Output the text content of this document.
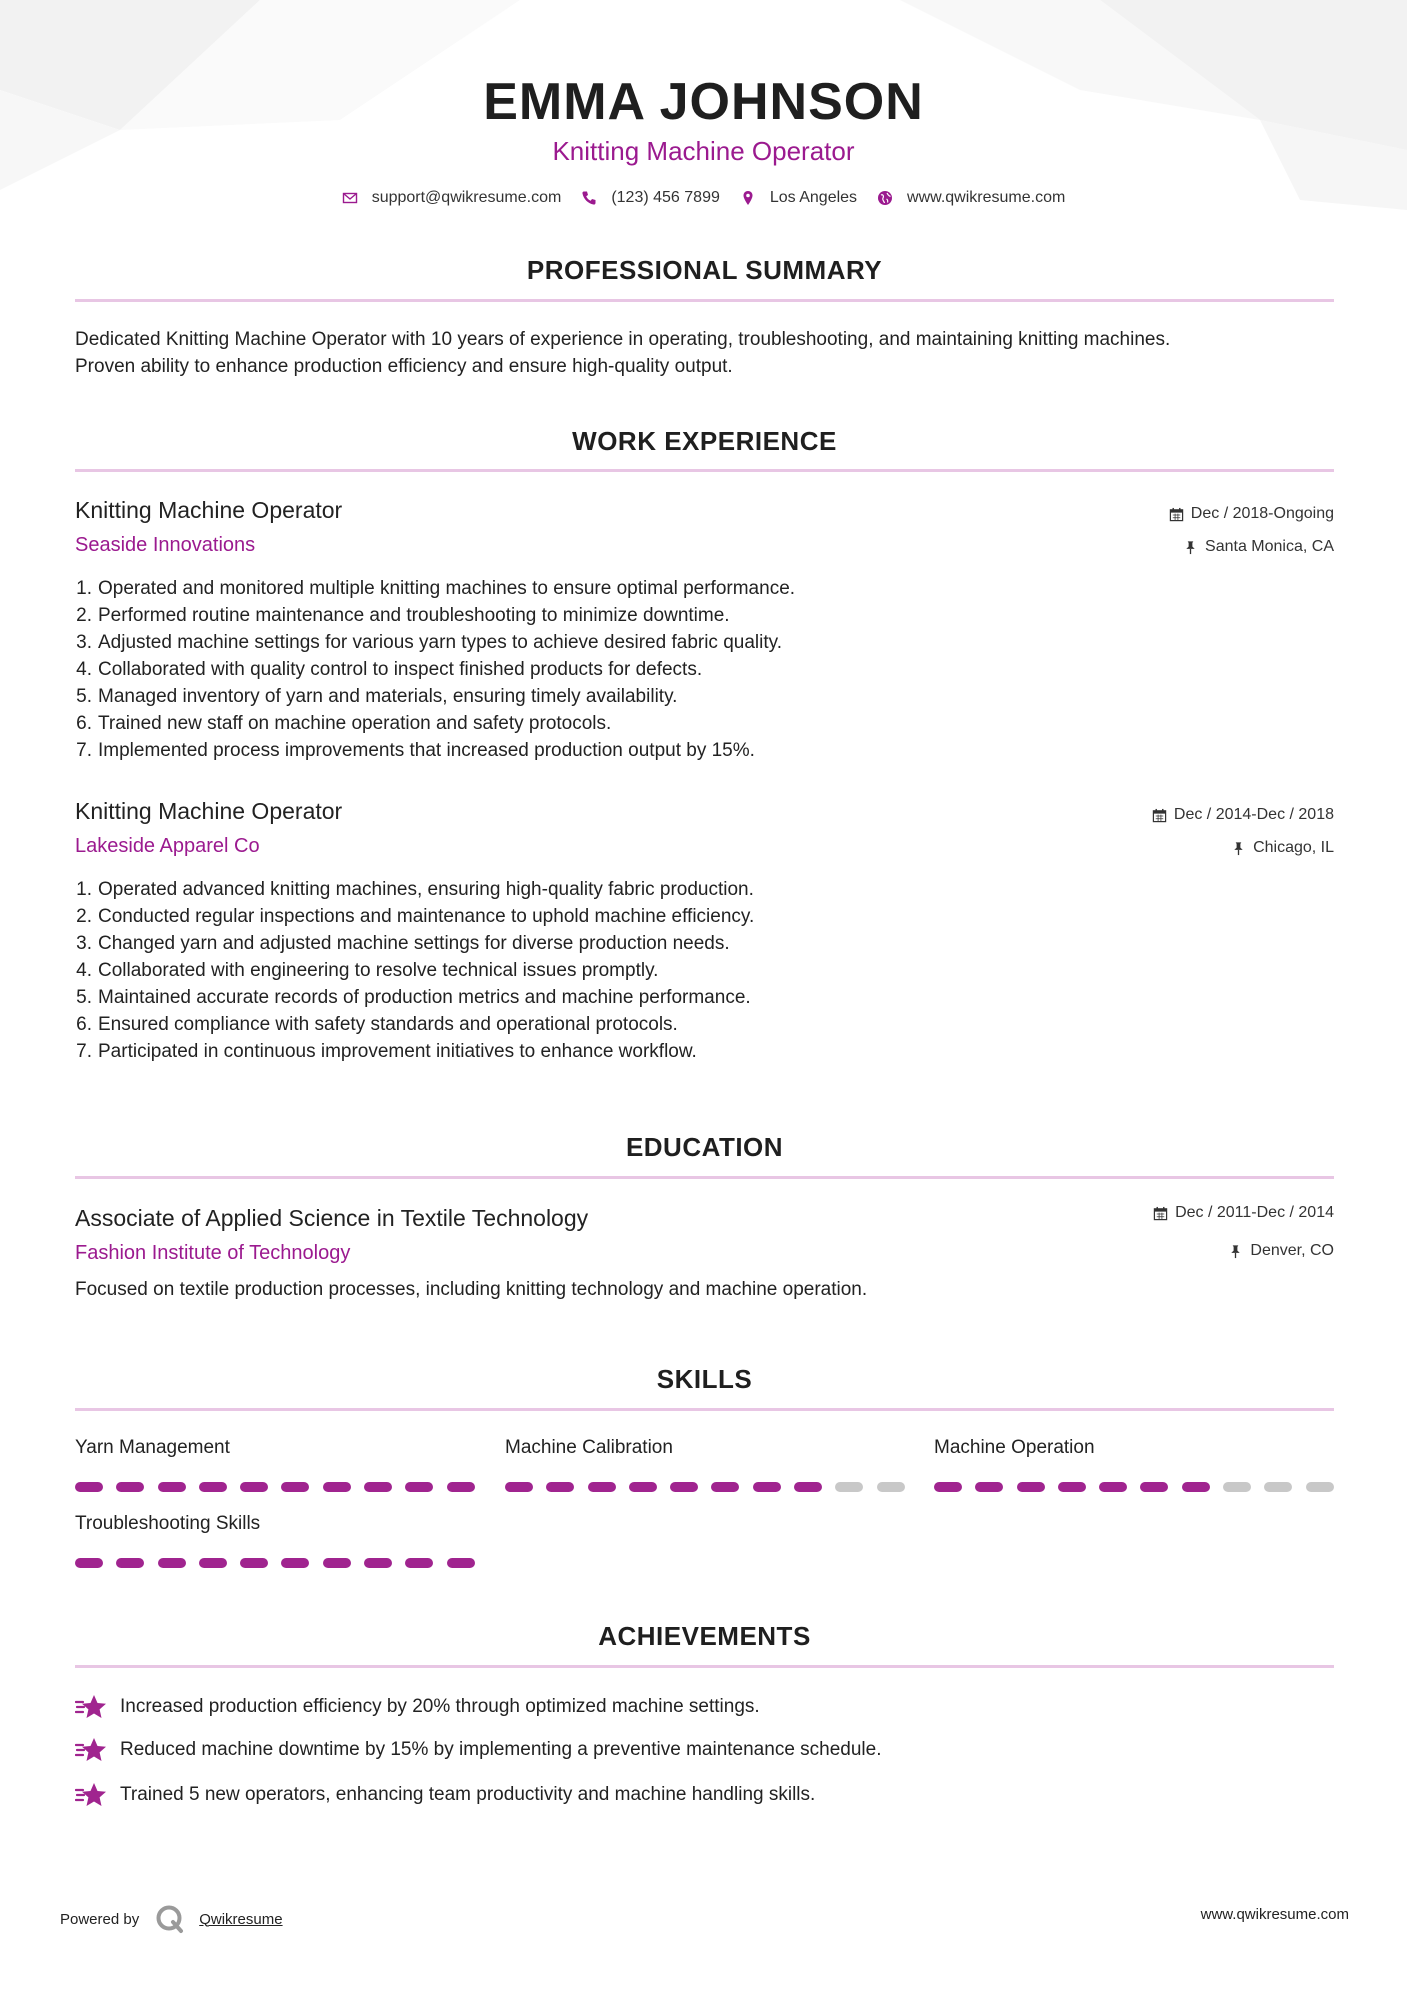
EMMA JOHNSON
Knitting Machine Operator
support@qwikresume.com	(123) 456 7899	Los Angeles	www.qwikresume.com
PROFESSIONAL SUMMARY
Dedicated Knitting Machine Operator with 10 years of experience in operating, troubleshooting, and maintaining knitting machines.
Proven ability to enhance production efficiency and ensure high-quality output.
WORK EXPERIENCE
Knitting Machine Operator
Seaside Innovations
Dec / 2018-Ongoing
Santa Monica, CA
1. Operated and monitored multiple knitting machines to ensure optimal performance.
2. Performed routine maintenance and troubleshooting to minimize downtime.
3. Adjusted machine settings for various yarn types to achieve desired fabric quality.
4. Collaborated with quality control to inspect finished products for defects.
5. Managed inventory of yarn and materials, ensuring timely availability.
6. Trained new staff on machine operation and safety protocols.
7. Implemented process improvements that increased production output by 15%.
Knitting Machine Operator
Lakeside Apparel Co
Dec / 2014-Dec / 2018
Chicago, IL
1. Operated advanced knitting machines, ensuring high-quality fabric production.
2. Conducted regular inspections and maintenance to uphold machine efficiency.
3. Changed yarn and adjusted machine settings for diverse production needs.
4. Collaborated with engineering to resolve technical issues promptly.
5. Maintained accurate records of production metrics and machine performance.
6. Ensured compliance with safety standards and operational protocols.
7. Participated in continuous improvement initiatives to enhance workflow.
EDUCATION
Associate of Applied Science in Textile Technology
Fashion Institute of Technology
Dec / 2011-Dec / 2014
Denver, CO
Focused on textile production processes, including knitting technology and machine operation.
SKILLS
Yarn Management	Machine Calibration	Machine Operation
Troubleshooting Skills
ACHIEVEMENTS
Increased production efficiency by 20% through optimized machine settings.
Reduced machine downtime by 15% by implementing a preventive maintenance schedule.
Trained 5 new operators, enhancing team productivity and machine handling skills.
Powered by	Qwikresume	www.qwikresume.com
